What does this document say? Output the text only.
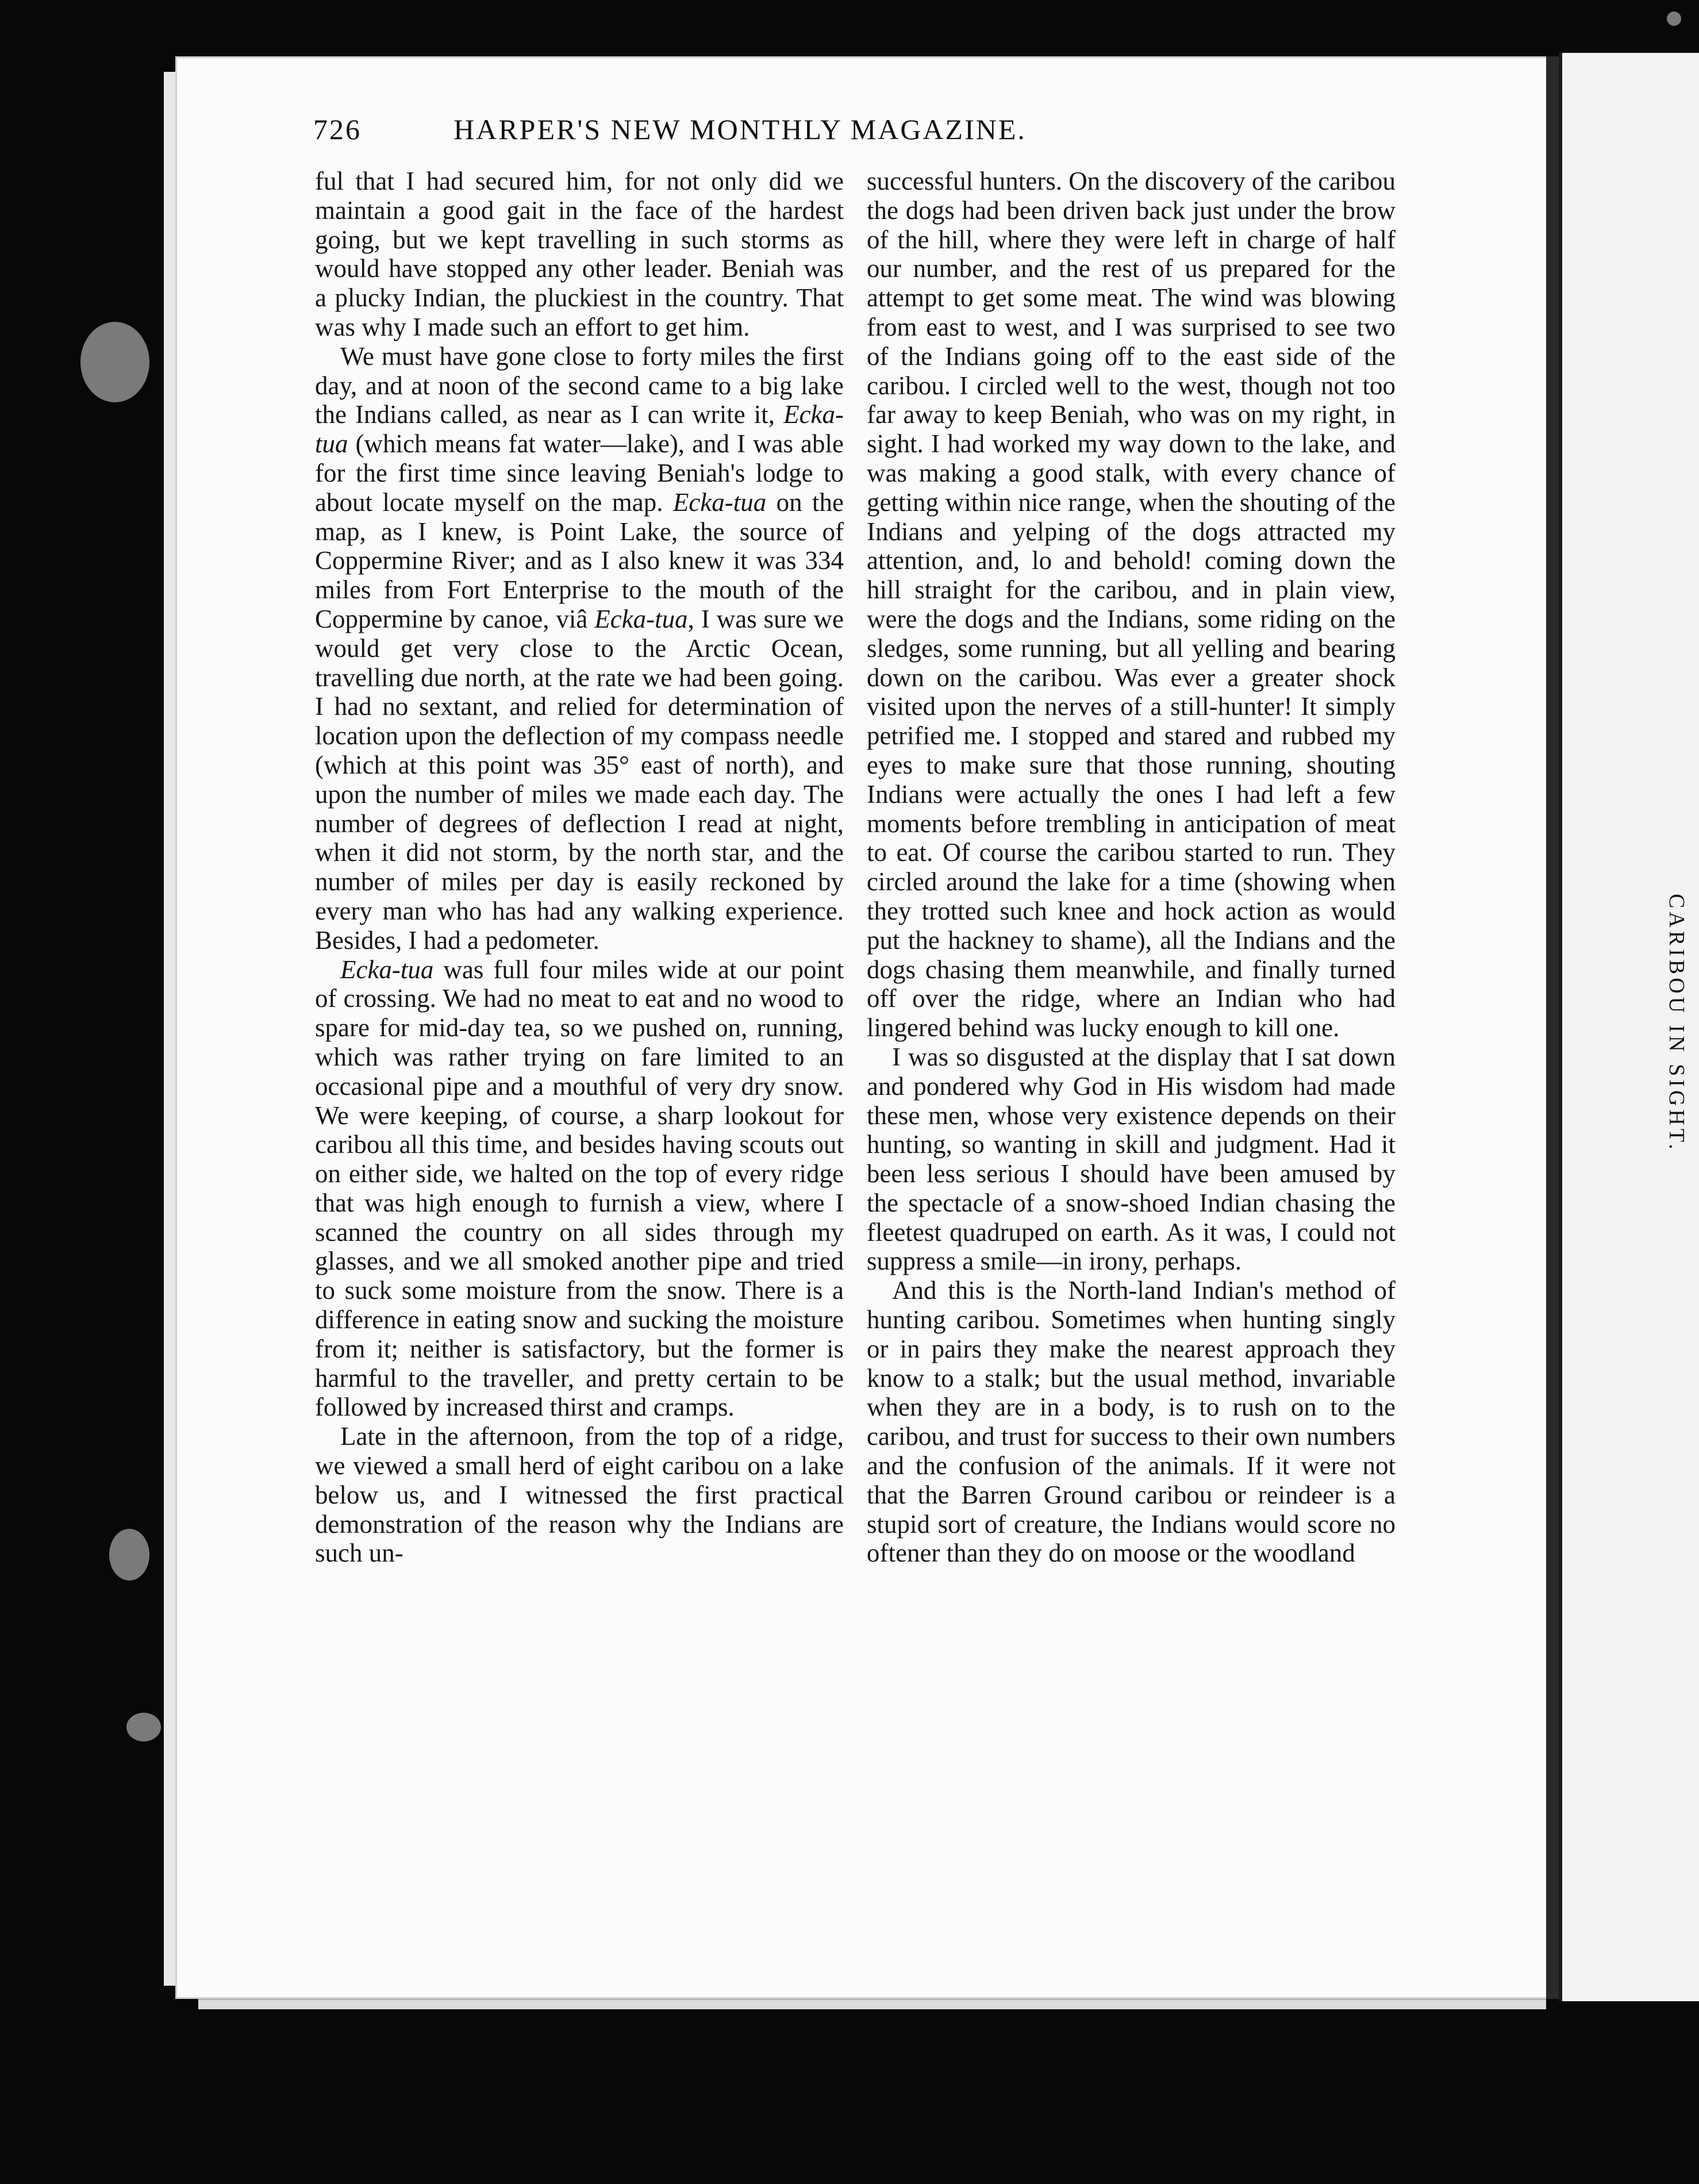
726	HARPER'S NEW MONTHLY MAGAZINE.

ful that I had secured him, for not only did we maintain a good gait in the face of the hardest going, but we kept travelling in such storms as would have stopped any other leader. Beniah was a plucky Indian, the pluckiest in the country. That was why I made such an effort to get him.

We must have gone close to forty miles the first day, and at noon of the second came to a big lake the Indians called, as near as I can write it, Ecka-tua (which means fat water—lake), and I was able for the first time since leaving Beniah's lodge to about locate myself on the map. Ecka-tua on the map, as I knew, is Point Lake, the source of Coppermine River; and as I also knew it was 334 miles from Fort Enterprise to the mouth of the Coppermine by canoe, viâ Ecka-tua, I was sure we would get very close to the Arctic Ocean, travelling due north, at the rate we had been going. I had no sextant, and relied for determination of location upon the deflection of my compass needle (which at this point was 35° east of north), and upon the number of miles we made each day. The number of degrees of deflection I read at night, when it did not storm, by the north star, and the number of miles per day is easily reckoned by every man who has had any walking experience. Besides, I had a pedometer.

Ecka-tua was full four miles wide at our point of crossing. We had no meat to eat and no wood to spare for mid-day tea, so we pushed on, running, which was rather trying on fare limited to an occasional pipe and a mouthful of very dry snow. We were keeping, of course, a sharp lookout for caribou all this time, and besides having scouts out on either side, we halted on the top of every ridge that was high enough to furnish a view, where I scanned the country on all sides through my glasses, and we all smoked another pipe and tried to suck some moisture from the snow. There is a difference in eating snow and sucking the moisture from it; neither is satisfactory, but the former is harmful to the traveller, and pretty certain to be followed by increased thirst and cramps.

Late in the afternoon, from the top of a ridge, we viewed a small herd of eight caribou on a lake below us, and I witnessed the first practical demonstration of the reason why the Indians are such un-

successful hunters. On the discovery of the caribou the dogs had been driven back just under the brow of the hill, where they were left in charge of half our number, and the rest of us prepared for the attempt to get some meat. The wind was blowing from east to west, and I was surprised to see two of the Indians going off to the east side of the caribou. I circled well to the west, though not too far away to keep Beniah, who was on my right, in sight. I had worked my way down to the lake, and was making a good stalk, with every chance of getting within nice range, when the shouting of the Indians and yelping of the dogs attracted my attention, and, lo and behold! coming down the hill straight for the caribou, and in plain view, were the dogs and the Indians, some riding on the sledges, some running, but all yelling and bearing down on the caribou. Was ever a greater shock visited upon the nerves of a still-hunter! It simply petrified me. I stopped and stared and rubbed my eyes to make sure that those running, shouting Indians were actually the ones I had left a few moments before trembling in anticipation of meat to eat. Of course the caribou started to run. They circled around the lake for a time (showing when they trotted such knee and hock action as would put the hackney to shame), all the Indians and the dogs chasing them meanwhile, and finally turned off over the ridge, where an Indian who had lingered behind was lucky enough to kill one.

I was so disgusted at the display that I sat down and pondered why God in His wisdom had made these men, whose very existence depends on their hunting, so wanting in skill and judgment. Had it been less serious I should have been amused by the spectacle of a snow-shoed Indian chasing the fleetest quadruped on earth. As it was, I could not suppress a smile—in irony, perhaps.

And this is the North-land Indian's method of hunting caribou. Sometimes when hunting singly or in pairs they make the nearest approach they know to a stalk; but the usual method, invariable when they are in a body, is to rush on to the caribou, and trust for success to their own numbers and the confusion of the animals. If it were not that the Barren Ground caribou or reindeer is a stupid sort of creature, the Indians would score no oftener than they do on moose or the woodland

CARIBOU IN SIGHT.
